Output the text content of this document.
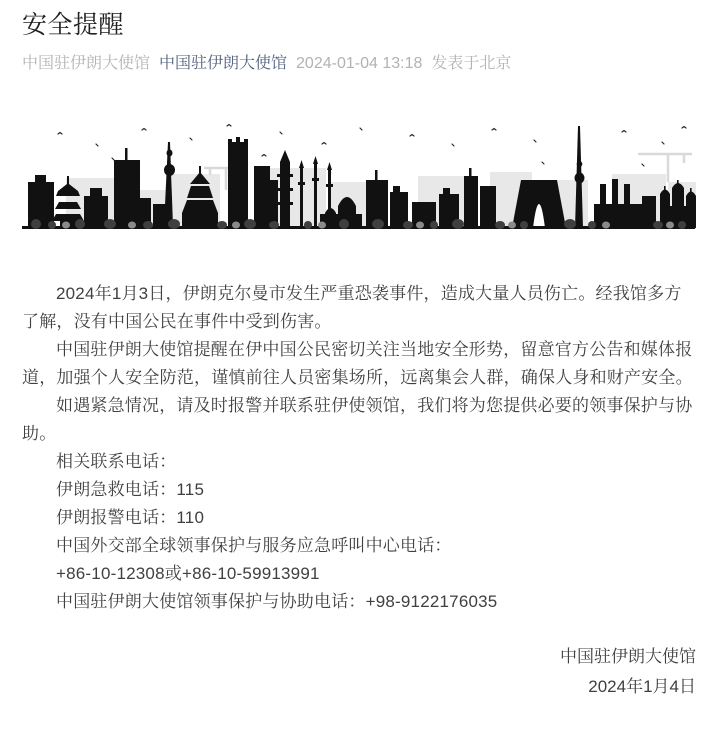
安全提醒
中国驻伊朗大使馆 中国驻伊朗大使馆 2024-01-04 13:18 发表于北京

2024年1月3日，伊朗克尔曼市发生严重恐袭事件，造成大量人员伤亡。经我馆多方了解，没有中国公民在事件中受到伤害。

中国驻伊朗大使馆提醒在伊中国公民密切关注当地安全形势，留意官方公告和媒体报道，加强个人安全防范，谨慎前往人员密集场所，远离集会人群，确保人身和财产安全。

如遇紧急情况，请及时报警并联系驻伊使领馆，我们将为您提供必要的领事保护与协助。

相关联系电话：

伊朗急救电话：115

伊朗报警电话：110

中国外交部全球领事保护与服务应急呼叫中心电话：

+86-10-12308或+86-10-59913991

中国驻伊朗大使馆领事保护与协助电话：+98-9122176035

中国驻伊朗大使馆
2024年1月4日
